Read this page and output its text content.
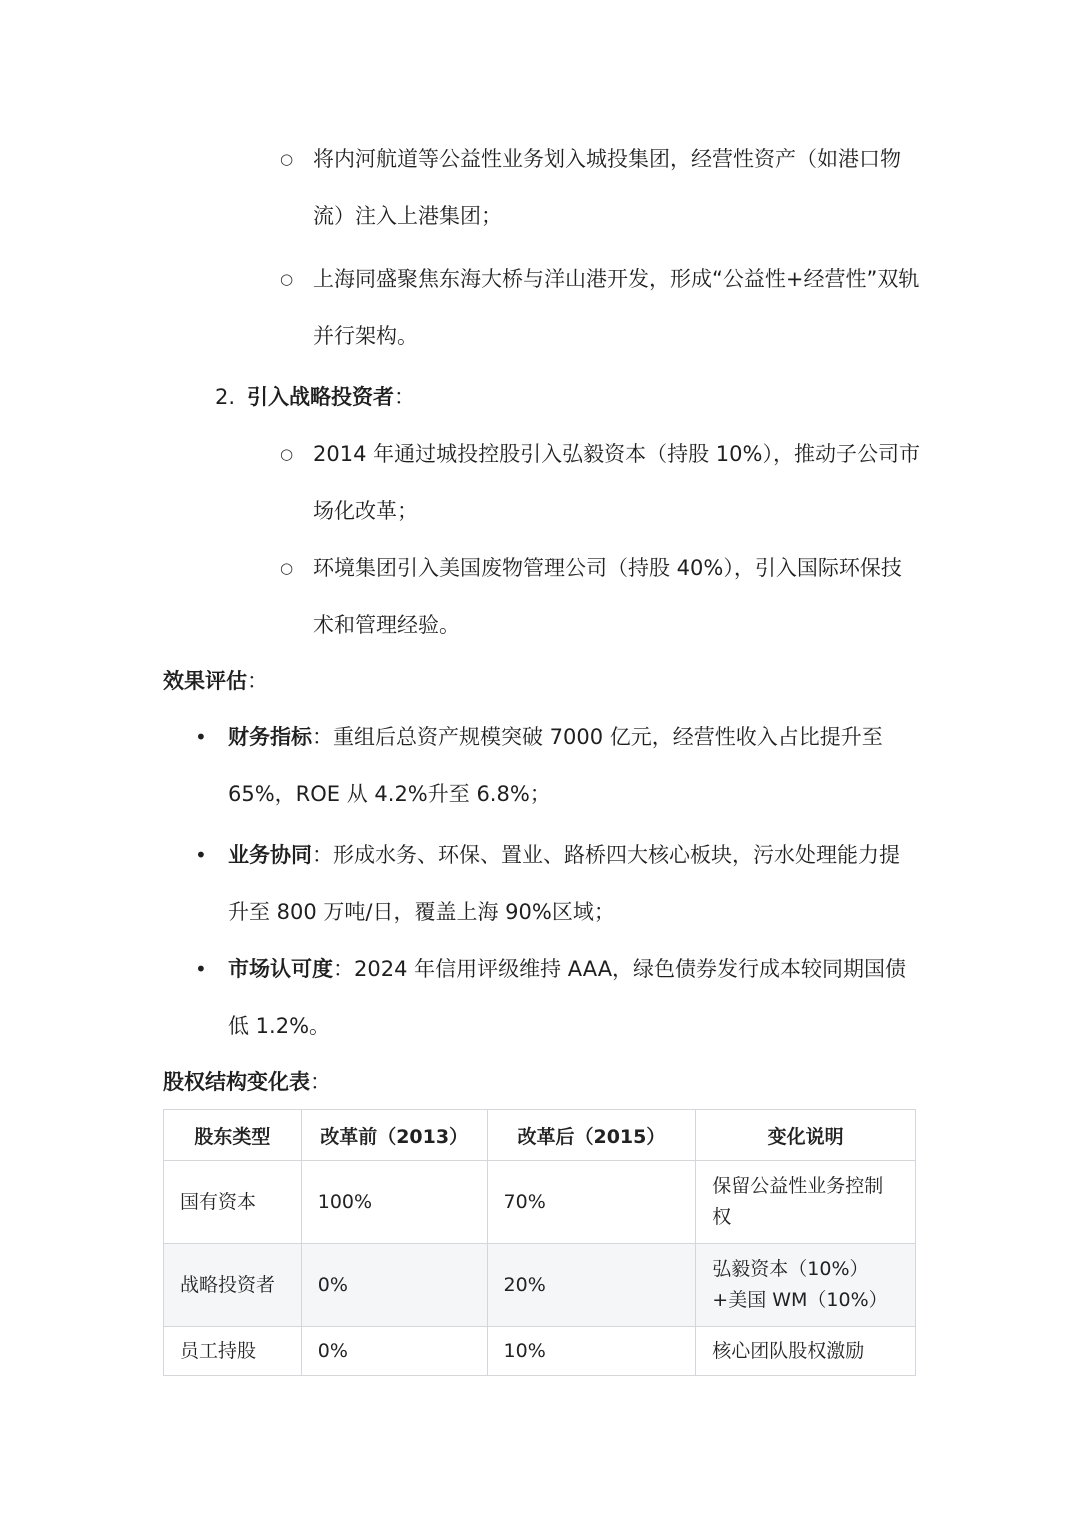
○ 将内河航道等公益性业务划入城投集团，经营性资产（如港口物流）注入上港集团；
○ 上海同盛聚焦东海大桥与洋山港开发，形成“公益性+经营性”双轨并行架构。
2. 引入战略投资者：
○ 2014 年通过城投控股引入弘毅资本（持股 10%），推动子公司市场化改革；
○ 环境集团引入美国废物管理公司（持股 40%），引入国际环保技术和管理经验。
效果评估：
•	财务指标：重组后总资产规模突破 7000 亿元，经营性收入占比提升至 65%，ROE 从 4.2%升至 6.8%；
•	业务协同：形成水务、环保、置业、路桥四大核心板块，污水处理能力提升至 800 万吨/日，覆盖上海 90%区域；
•	市场认可度：2024 年信用评级维持 AAA，绿色债券发行成本较同期国债低 1.2%。
股权结构变化表：
股东类型	改革前（2013）	改革后（2015）	变化说明
国有资本	100%	70%	保留公益性业务控制权
战略投资者	0%	20%	弘毅资本（10%）+美国 WM（10%）
员工持股	0%	10%	核心团队股权激励
